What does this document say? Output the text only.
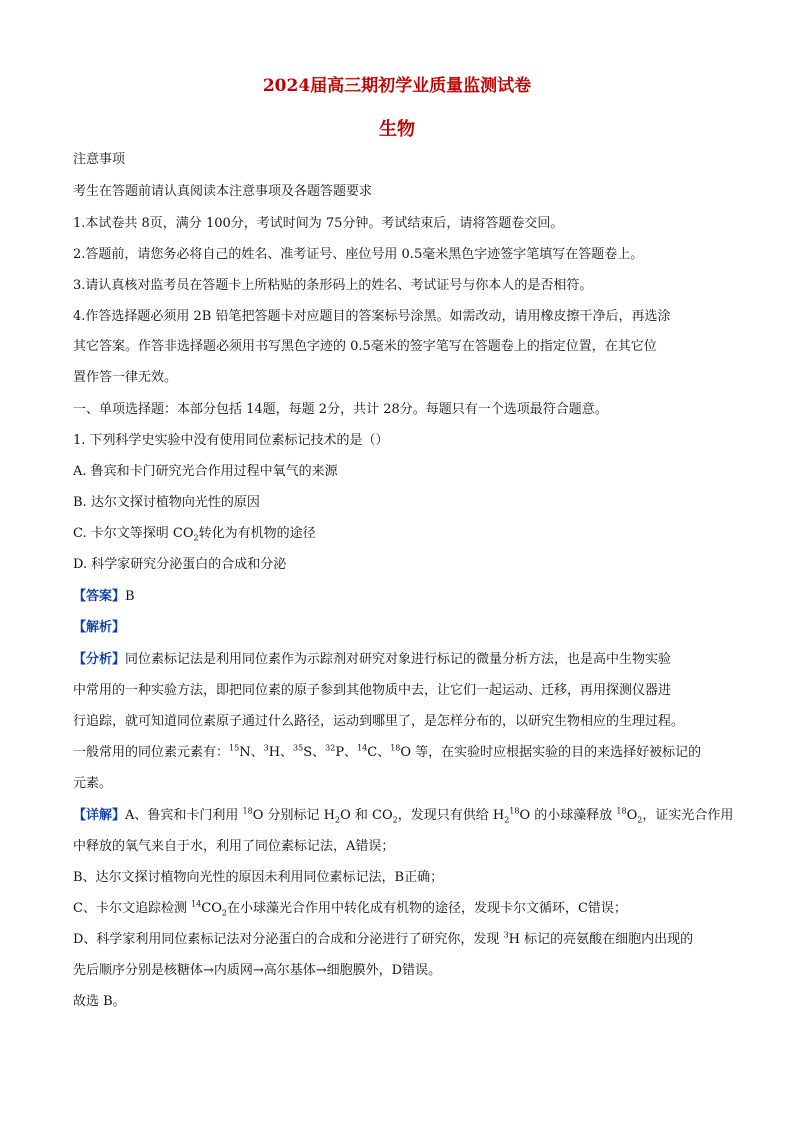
2024届高三期初学业质量监测试卷
生物
注意事项
考生在答题前请认真阅读本注意事项及各题答题要求
1.本试卷共 8页，满分 100分，考试时间为 75分钟。考试结束后，请将答题卷交回。
2.答题前，请您务必将自己的姓名、准考证号、座位号用 0.5毫米黑色字迹签字笔填写在答题卷上。
3.请认真核对监考员在答题卡上所粘贴的条形码上的姓名、考试证号与你本人的是否相符。
4.作答选择题必须用 2B 铅笔把答题卡对应题目的答案标号涂黑。如需改动，请用橡皮擦干净后，再选涂
其它答案。作答非选择题必须用书写黑色字迹的 0.5毫米的签字笔写在答题卷上的指定位置，在其它位
置作答一律无效。
一、单项选择题：本部分包括 14题，每题 2分，共计 28分。每题只有一个选项最符合题意。
1. 下列科学史实验中没有使用同位素标记技术的是（）
A. 鲁宾和卡门研究光合作用过程中氧气的来源
B. 达尔文探讨植物向光性的原因
C. 卡尔文等探明 $CO_2$转化为有机物的途径
D. 科学家研究分泌蛋白的合成和分泌
【答案】B
【解析】
【分析】同位素标记法是利用同位素作为示踪剂对研究对象进行标记的微量分析方法，也是高中生物实验
中常用的一种实验方法，即把同位素的原子参到其他物质中去，让它们一起运动、迁移，再用探测仪器进
行追踪，就可知道同位素原子通过什么路径，运动到哪里了，是怎样分布的，以研究生物相应的生理过程。
一般常用的同位素元素有：$^{15}$N、$^3$H、$^{35}$S、$^{32}$P、$^{14}$C、$^{18}$O 等，在实验时应根据实验的目的来选择好被标记的
元素。
【详解】A、鲁宾和卡门利用 $^{18}$O 分别标记 $H_2O$ 和 $CO_2$，发现只有供给 $H_2^{18}O$ 的小球藻释放 $^{18}O_2$，证实光合作用
中释放的氧气来自于水，利用了同位素标记法，A错误；
B、达尔文探讨植物向光性的原因未利用同位素标记法，B正确；
C、卡尔文追踪检测 $^{14}CO_2$在小球藻光合作用中转化成有机物的途径，发现卡尔文循环，C错误；
D、科学家利用同位素标记法对分泌蛋白的合成和分泌进行了研究你，发现 $^3$H 标记的亮氨酸在细胞内出现的
先后顺序分别是核糖体→内质网→高尔基体→细胞膜外，D错误。
故选 B。
